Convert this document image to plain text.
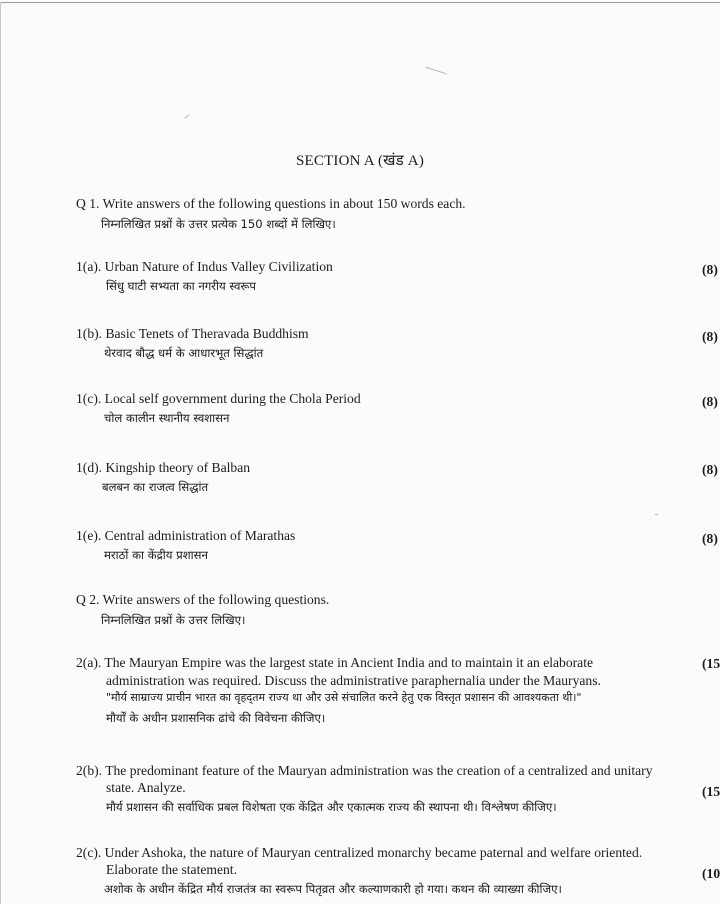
SECTION A (खंड A)
Q 1. Write answers of the following questions in about 150 words each.
निम्नलिखित प्रश्नों के उत्तर प्रत्येक 150 शब्दों में लिखिए।
1(a). Urban Nature of Indus Valley Civilization	(8)
सिंधु घाटी सभ्यता का नगरीय स्वरूप
1(b). Basic Tenets of Theravada Buddhism	(8)
थेरवाद बौद्ध धर्म के आधारभूत सिद्धांत
1(c). Local self government during the Chola Period	(8)
चोल कालीन स्थानीय स्वशासन
1(d). Kingship theory of Balban	(8)
बलबन का राजत्व सिद्धांत
1(e). Central administration of Marathas	(8)
मराठों का केंद्रीय प्रशासन
Q 2. Write answers of the following questions.
निम्नलिखित प्रश्नों के उत्तर लिखिए।
2(a). The Mauryan Empire was the largest state in Ancient India and to maintain it an elaborate	(15
administration was required. Discuss the administrative paraphernalia under the Mauryans.
"मौर्य साम्राज्य प्राचीन भारत का वृहद्तम राज्य था और उसे संचालित करने हेतु एक विस्तृत प्रशासन की आवश्यकता थी।"
मौर्यों के अधीन प्रशासनिक ढांचे की विवेचना कीजिए।
2(b). The predominant feature of the Mauryan administration was the creation of a centralized and unitary
state. Analyze.	(15
मौर्य प्रशासन की सर्वाधिक प्रबल विशेषता एक केंद्रित और एकात्मक राज्य की स्थापना थी। विश्लेषण कीजिए।
2(c). Under Ashoka, the nature of Mauryan centralized monarchy became paternal and welfare oriented.
Elaborate the statement.	(10
अशोक के अधीन केंद्रित मौर्य राजतंत्र का स्वरूप पितृव्रत और कल्याणकारी हो गया। कथन की व्याख्या कीजिए।
